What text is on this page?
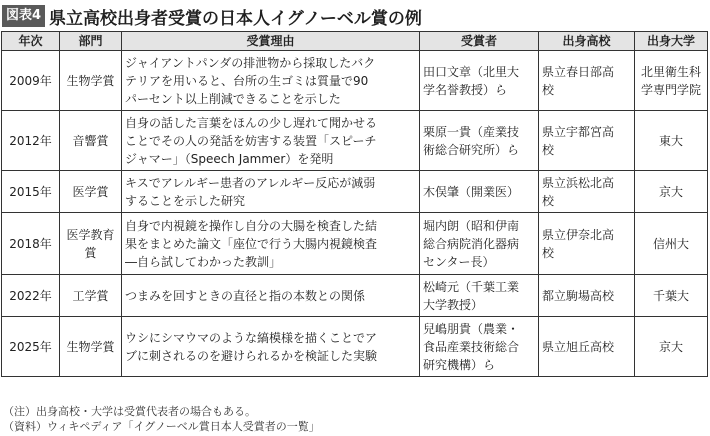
図表4 県立高校出身者受賞の日本人イグノーベル賞の例
年次	部門	受賞理由	受賞者	出身高校	出身大学
2009年	生物学賞	ジャイアントパンダの排泄物から採取したバク
テリアを用いると、台所の生ゴミは質量で90
パーセント以上削減できることを示した	田口文章（北里大
学名誉教授）ら	県立春日部高
校	北里衛生科
学専門学院
2012年	音響賞	自身の話した言葉をほんの少し遅れて聞かせる
ことでその人の発話を妨害する装置「スピーチ
ジャマー」（Speech Jammer）を発明	栗原一貴（産業技
術総合研究所）ら	県立宇都宮高
校	東大
2015年	医学賞	キスでアレルギー患者のアレルギー反応が減弱
することを示した研究	木俣肇（開業医）	県立浜松北高
校	京大
2018年	医学教育
賞	自身で内視鏡を操作し自分の大腸を検査した結
果をまとめた論文「座位で行う大腸内視鏡検査
―自ら試してわかった教訓」	堀内朗（昭和伊南
総合病院消化器病
センター長）	県立伊奈北高
校	信州大
2022年	工学賞	つまみを回すときの直径と指の本数との関係	松崎元（千葉工業
大学教授）	都立駒場高校	千葉大
2025年	生物学賞	ウシにシマウマのような縞模様を描くことでア
ブに刺されるのを避けられるかを検証した実験	兒嶋朋貴（農業・
食品産業技術総合
研究機構）ら	県立旭丘高校	京大
（注）出身高校・大学は受賞代表者の場合もある。
（資料）ウィキペディア「イグノーベル賞日本人受賞者の一覧」
